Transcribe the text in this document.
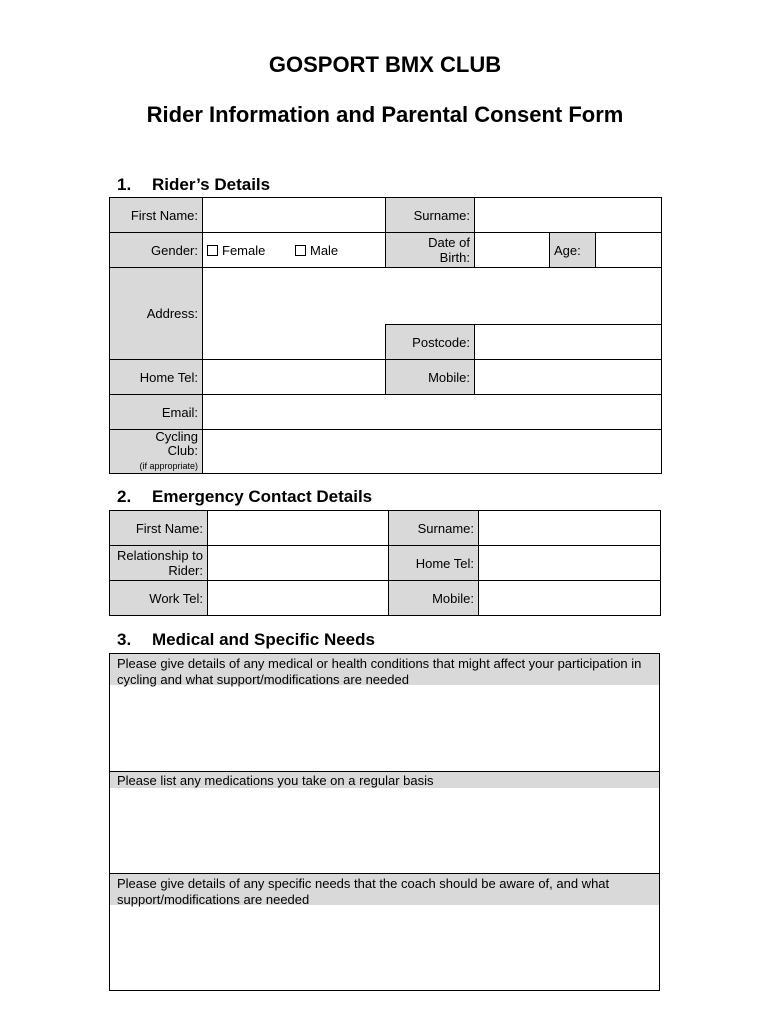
GOSPORT BMX CLUB
Rider Information and Parental Consent Form
1. Rider’s Details
First Name:		Surname:			
Gender:	Female Male	Date of Birth:		Age:	
Address:					
		Postcode:			
Home Tel:		Mobile:			
Email:					
Cycling Club:
(if appropriate)					
2. Emergency Contact Details
First Name:		Surname:	
Relationship to Rider:		Home Tel:	
Work Tel:		Mobile:	
3. Medical and Specific Needs
Please give details of any medical or health conditions that might affect your participation in cycling and what support/modifications are needed
Please list any medications you take on a regular basis
Please give details of any specific needs that the coach should be aware of, and what support/modifications are needed
